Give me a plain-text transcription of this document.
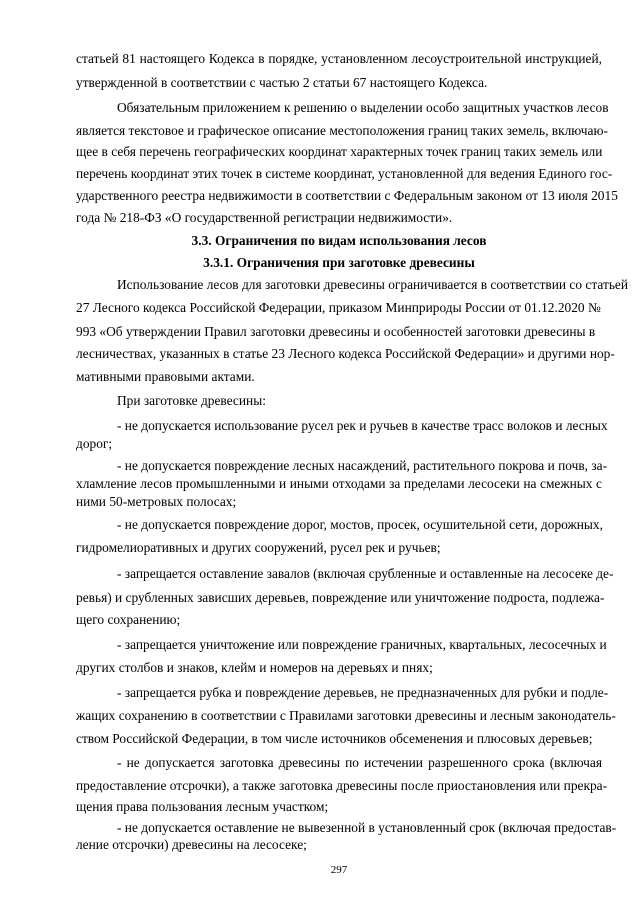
статьей 81 настоящего Кодекса в порядке, установленном лесоустроительной инструкцией,
утвержденной в соответствии с частью 2 статьи 67 настоящего Кодекса.
Обязательным приложением к решению о выделении особо защитных участков лесов
является текстовое и графическое описание местоположения границ таких земель, включаю-
щее в себя перечень географических координат характерных точек границ таких земель или
перечень координат этих точек в системе координат, установленной для ведения Единого гос-
ударственного реестра недвижимости в соответствии с Федеральным законом от 13 июля 2015
года № 218-ФЗ «О государственной регистрации недвижимости».
3.3. Ограничения по видам использования лесов
3.3.1. Ограничения при заготовке древесины
Использование лесов для заготовки древесины ограничивается в соответствии со статьей
27 Лесного кодекса Российской Федерации, приказом Минприроды России от 01.12.2020 №
993 «Об утверждении Правил заготовки древесины и особенностей заготовки древесины в
лесничествах, указанных в статье 23 Лесного кодекса Российской Федерации» и другими нор-
мативными правовыми актами.
При заготовке древесины:
- не допускается использование русел рек и ручьев в качестве трасс волоков и лесных
дорог;
- не допускается повреждение лесных насаждений, растительного покрова и почв, за-
хламление лесов промышленными и иными отходами за пределами лесосеки на смежных с
ними 50-метровых полосах;
- не допускается повреждение дорог, мостов, просек, осушительной сети, дорожных,
гидромелиоративных и других сооружений, русел рек и ручьев;
- запрещается оставление завалов (включая срубленные и оставленные на лесосеке де-
ревья) и срубленных зависших деревьев, повреждение или уничтожение подроста, подлежа-
щего сохранению;
- запрещается уничтожение или повреждение граничных, квартальных, лесосечных и
других столбов и знаков, клейм и номеров на деревьях и пнях;
- запрещается рубка и повреждение деревьев, не предназначенных для рубки и подле-
жащих сохранению в соответствии с Правилами заготовки древесины и лесным законодатель-
ством Российской Федерации, в том числе источников обсеменения и плюсовых деревьев;
- не допускается заготовка древесины по истечении разрешенного срока (включая
предоставление отсрочки), а также заготовка древесины после приостановления или прекра-
щения права пользования лесным участком;
- не допускается оставление не вывезенной в установленный срок (включая предостав-
ление отсрочки) древесины на лесосеке;
297
